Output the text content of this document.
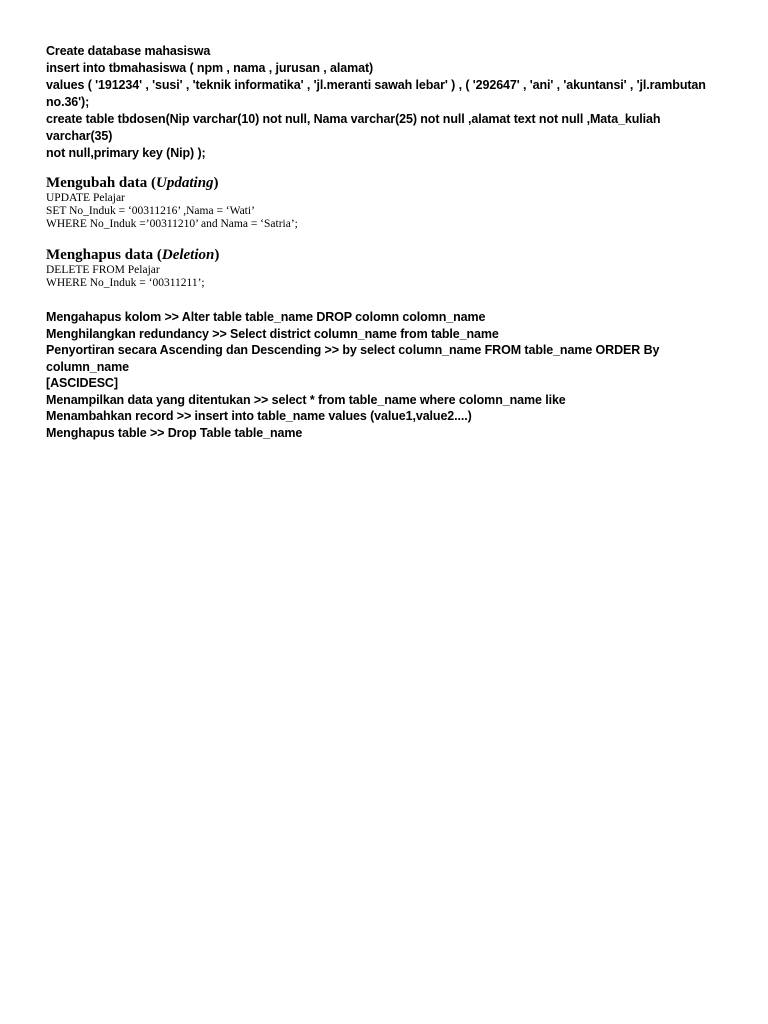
Create database mahasiswa
insert into tbmahasiswa ( npm , nama , jurusan , alamat)
values ( '191234' , 'susi' , 'teknik informatika' , 'jl.meranti sawah lebar' ) , ( '292647' , 'ani' , 'akuntansi' , 'jl.rambutan
no.36');
create table tbdosen(Nip varchar(10) not null, Nama varchar(25) not null ,alamat text not null ,Mata_kuliah varchar(35)
not null,primary key (Nip) );
Mengubah data (Updating)
UPDATE Pelajar
SET No_Induk = ‘00311216’ ,Nama = ‘Wati’
WHERE No_Induk =’00311210’ and Nama = ‘Satria’;
Menghapus data (Deletion)
DELETE FROM Pelajar
WHERE No_Induk = ‘00311211’;
Mengahapus kolom >> Alter table table_name DROP colomn colomn_name
Menghilangkan redundancy >> Select district column_name from table_name
Penyortiran secara Ascending dan Descending >> by select column_name FROM table_name ORDER By column_name
[ASCIDESC]
Menampilkan data yang ditentukan >> select * from table_name where colomn_name like
Menambahkan record >> insert into table_name values (value1,value2....)
Menghapus table >> Drop Table table_name
